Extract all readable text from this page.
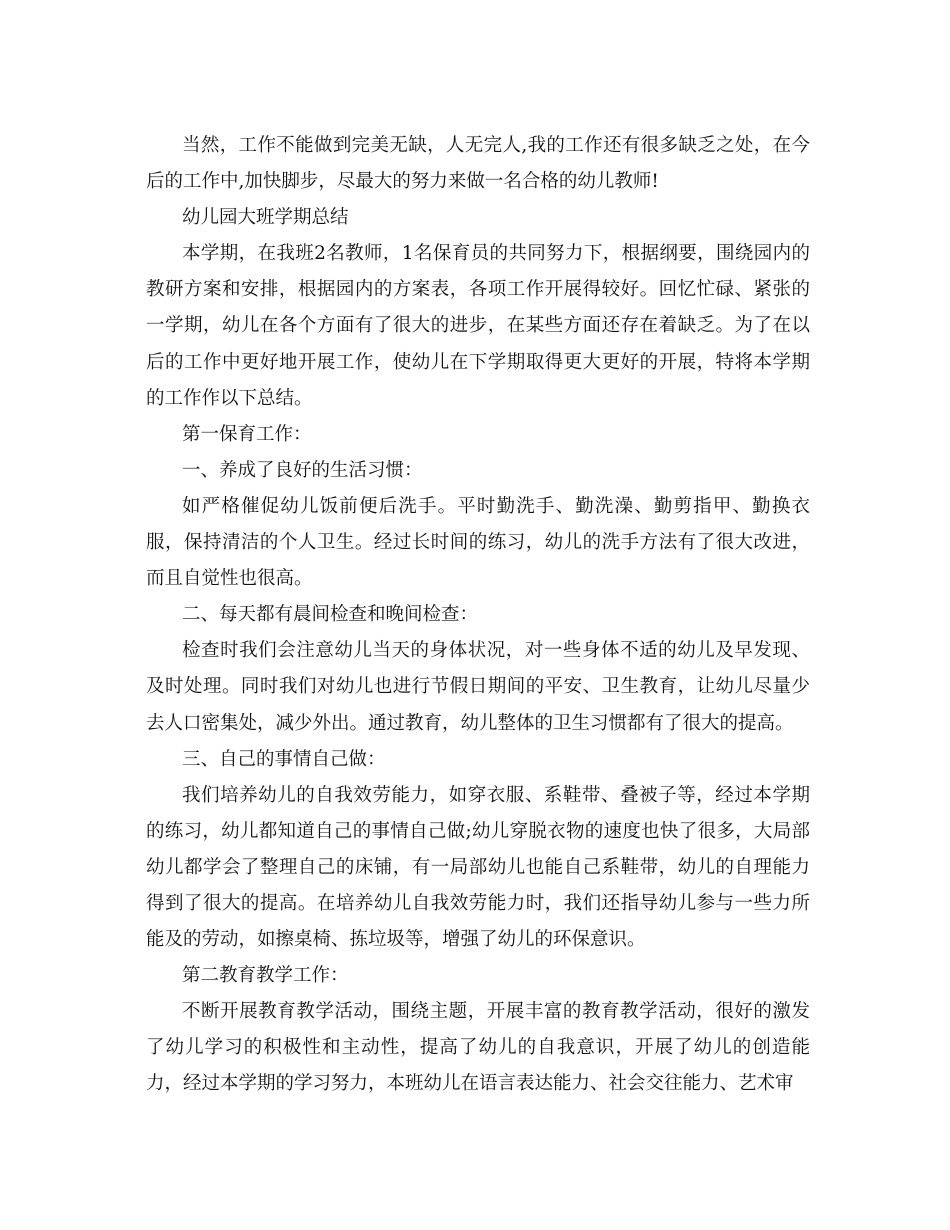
当然，工作不能做到完美无缺，人无完人,我的工作还有很多缺乏之处，在今后的工作中,加快脚步，尽最大的努力来做一名合格的幼儿教师!

幼儿园大班学期总结

本学期，在我班2名教师，1名保育员的共同努力下，根据纲要，围绕园内的教研方案和安排，根据园内的方案表，各项工作开展得较好。回忆忙碌、紧张的一学期，幼儿在各个方面有了很大的进步，在某些方面还存在着缺乏。为了在以后的工作中更好地开展工作，使幼儿在下学期取得更大更好的开展，特将本学期的工作作以下总结。

第一保育工作：

一、养成了良好的生活习惯：

如严格催促幼儿饭前便后洗手。平时勤洗手、勤洗澡、勤剪指甲、勤换衣服，保持清洁的个人卫生。经过长时间的练习，幼儿的洗手方法有了很大改进，而且自觉性也很高。

二、每天都有晨间检查和晚间检查：

检查时我们会注意幼儿当天的身体状况，对一些身体不适的幼儿及早发现、及时处理。同时我们对幼儿也进行节假日期间的平安、卫生教育，让幼儿尽量少去人口密集处，减少外出。通过教育，幼儿整体的卫生习惯都有了很大的提高。

三、自己的事情自己做：

我们培养幼儿的自我效劳能力，如穿衣服、系鞋带、叠被子等，经过本学期的练习，幼儿都知道自己的事情自己做;幼儿穿脱衣物的速度也快了很多，大局部幼儿都学会了整理自己的床铺，有一局部幼儿也能自己系鞋带，幼儿的自理能力得到了很大的提高。在培养幼儿自我效劳能力时，我们还指导幼儿参与一些力所能及的劳动，如擦桌椅、拣垃圾等，增强了幼儿的环保意识。

第二教育教学工作：

不断开展教育教学活动，围绕主题，开展丰富的教育教学活动，很好的激发了幼儿学习的积极性和主动性，提高了幼儿的自我意识，开展了幼儿的创造能力，经过本学期的学习努力，本班幼儿在语言表达能力、社会交往能力、艺术审
